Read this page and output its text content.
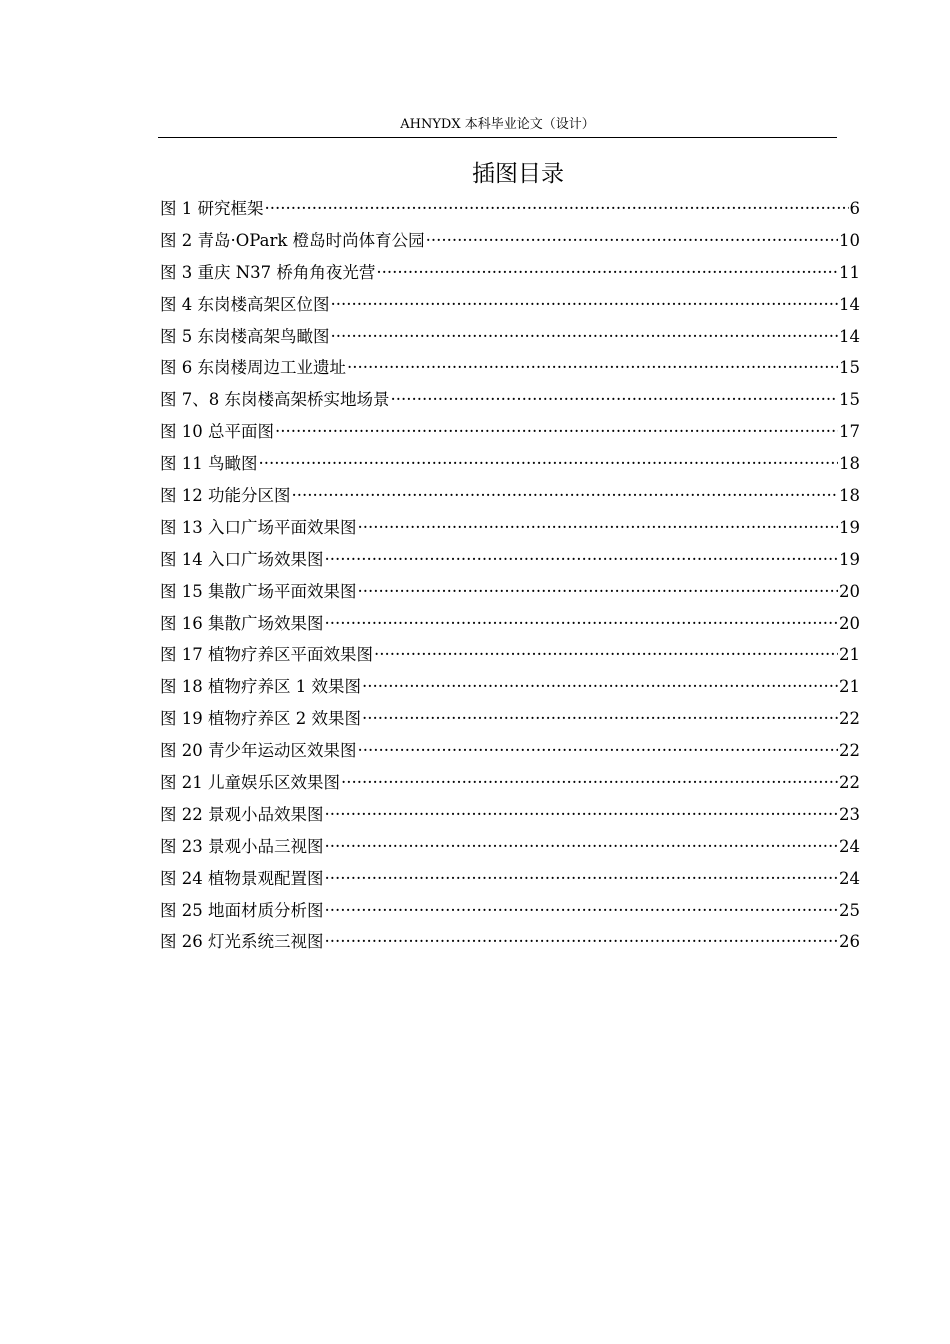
AHNYDX 本科毕业论文（设计）
插图目录
图 1 研究框架 .....	6
图 2 青岛·OPark 橙岛时尚体育公园 .....	10
图 3 重庆 N37 桥角角夜光营 .....	11
图 4 东岗楼高架区位图 .....	14
图 5 东岗楼高架鸟瞰图 .....	14
图 6 东岗楼周边工业遗址 .....	15
图 7、8 东岗楼高架桥实地场景 .....	15
图 10 总平面图 .....	17
图 11 鸟瞰图 .....	18
图 12 功能分区图 .....	18
图 13 入口广场平面效果图 .....	19
图 14 入口广场效果图 .....	19
图 15 集散广场平面效果图 .....	20
图 16 集散广场效果图 .....	20
图 17 植物疗养区平面效果图 .....	21
图 18 植物疗养区 1 效果图 .....	21
图 19 植物疗养区 2 效果图 .....	22
图 20 青少年运动区效果图 .....	22
图 21 儿童娱乐区效果图 .....	22
图 22 景观小品效果图 .....	23
图 23 景观小品三视图 .....	24
图 24 植物景观配置图 .....	24
图 25 地面材质分析图 .....	25
图 26 灯光系统三视图 .....	26
